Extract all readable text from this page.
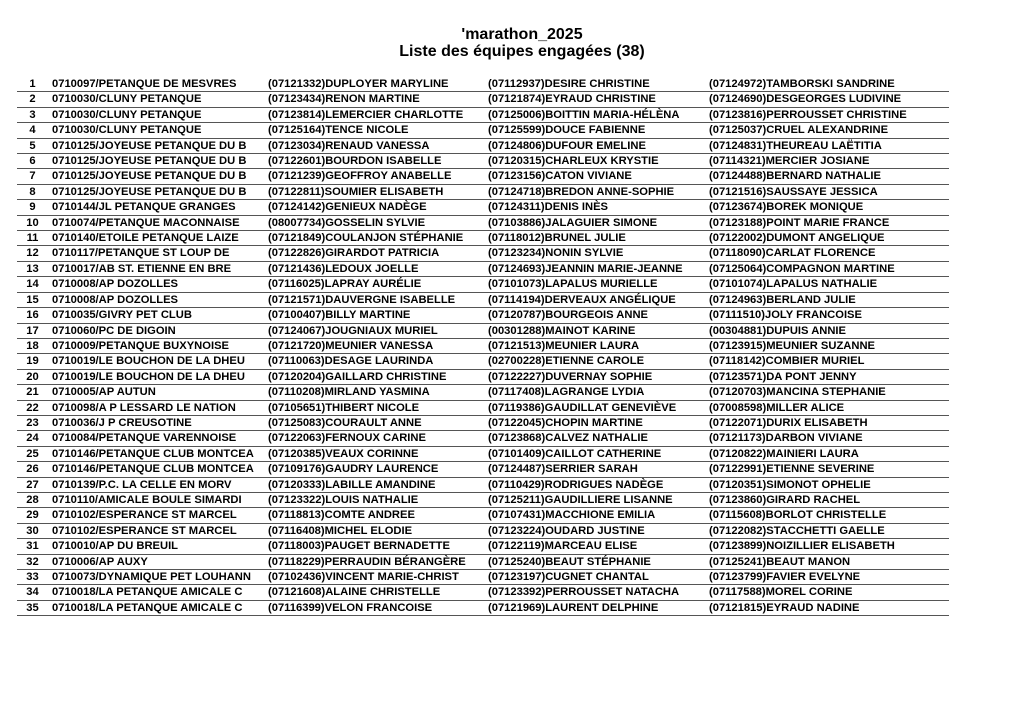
'marathon_2025
Liste des équipes engagées (38)
1	0710097/PETANQUE DE MESVRES	(07121332)DUPLOYER MARYLINE	(07112937)DESIRE CHRISTINE	(07124972)TAMBORSKI SANDRINE
2	0710030/CLUNY PETANQUE	(07123434)RENON MARTINE	(07121874)EYRAUD CHRISTINE	(07124690)DESGEORGES LUDIVINE
3	0710030/CLUNY PETANQUE	(07123814)LEMERCIER CHARLOTTE	(07125006)BOITTIN MARIA-HÉLÈNA	(07123816)PERROUSSET CHRISTINE
4	0710030/CLUNY PETANQUE	(07125164)TENCE NICOLE	(07125599)DOUCE FABIENNE	(07125037)CRUEL ALEXANDRINE
5	0710125/JOYEUSE PETANQUE DU B	(07123034)RENAUD VANESSA	(07124806)DUFOUR EMELINE	(07124831)THEUREAU LAËTITIA
6	0710125/JOYEUSE PETANQUE DU B	(07122601)BOURDON ISABELLE	(07120315)CHARLEUX KRYSTIE	(07114321)MERCIER JOSIANE
7	0710125/JOYEUSE PETANQUE DU B	(07121239)GEOFFROY ANABELLE	(07123156)CATON VIVIANE	(07124488)BERNARD NATHALIE
8	0710125/JOYEUSE PETANQUE DU B	(07122811)SOUMIER ELISABETH	(07124718)BREDON ANNE-SOPHIE	(07121516)SAUSSAYE JESSICA
9	0710144/JL PETANQUE GRANGES	(07124142)GENIEUX NADÈGE	(07124311)DENIS INÈS	(07123674)BOREK MONIQUE
10	0710074/PETANQUE MACONNAISE	(08007734)GOSSELIN SYLVIE	(07103886)JALAGUIER SIMONE	(07123188)POINT MARIE FRANCE
11	0710140/ETOILE PETANQUE LAIZE	(07121849)COULANJON STÉPHANIE	(07118012)BRUNEL JULIE	(07122002)DUMONT ANGELIQUE
12	0710117/PETANQUE ST LOUP DE	(07122826)GIRARDOT PATRICIA	(07123234)NONIN SYLVIE	(07118090)CARLAT FLORENCE
13	0710017/AB ST. ETIENNE EN BRE	(07121436)LEDOUX JOELLE	(07124693)JEANNIN MARIE-JEANNE	(07125064)COMPAGNON MARTINE
14	0710008/AP DOZOLLES	(07116025)LAPRAY AURÉLIE	(07101073)LAPALUS MURIELLE	(07101074)LAPALUS NATHALIE
15	0710008/AP DOZOLLES	(07121571)DAUVERGNE ISABELLE	(07114194)DERVEAUX ANGÉLIQUE	(07124963)BERLAND JULIE
16	0710035/GIVRY PET CLUB	(07100407)BILLY MARTINE	(07120787)BOURGEOIS ANNE	(07111510)JOLY FRANCOISE
17	0710060/PC DE DIGOIN	(07124067)JOUGNIAUX MURIEL	(00301288)MAINOT KARINE	(00304881)DUPUIS ANNIE
18	0710009/PETANQUE BUXYNOISE	(07121720)MEUNIER VANESSA	(07121513)MEUNIER LAURA	(07123915)MEUNIER SUZANNE
19	0710019/LE BOUCHON DE LA DHEU	(07110063)DESAGE LAURINDA	(02700228)ETIENNE CAROLE	(07118142)COMBIER MURIEL
20	0710019/LE BOUCHON DE LA DHEU	(07120204)GAILLARD CHRISTINE	(07122227)DUVERNAY SOPHIE	(07123571)DA PONT JENNY
21	0710005/AP AUTUN	(07110208)MIRLAND YASMINA	(07117408)LAGRANGE LYDIA	(07120703)MANCINA STEPHANIE
22	0710098/A P LESSARD LE NATION	(07105651)THIBERT NICOLE	(07119386)GAUDILLAT GENEVIÈVE	(07008598)MILLER ALICE
23	0710036/J P CREUSOTINE	(07125083)COURAULT ANNE	(07122045)CHOPIN MARTINE	(07122071)DURIX ELISABETH
24	0710084/PETANQUE VARENNOISE	(07122063)FERNOUX CARINE	(07123868)CALVEZ NATHALIE	(07121173)DARBON VIVIANE
25	0710146/PETANQUE CLUB MONTCEA	(07120385)VEAUX CORINNE	(07101409)CAILLOT CATHERINE	(07120822)MAINIERI LAURA
26	0710146/PETANQUE CLUB MONTCEA	(07109176)GAUDRY LAURENCE	(07124487)SERRIER SARAH	(07122991)ETIENNE SEVERINE
27	0710139/P.C. LA CELLE EN MORV	(07120333)LABILLE AMANDINE	(07110429)RODRIGUES NADÈGE	(07120351)SIMONOT OPHELIE
28	0710110/AMICALE BOULE SIMARDI	(07123322)LOUIS NATHALIE	(07125211)GAUDILLIERE LISANNE	(07123860)GIRARD RACHEL
29	0710102/ESPERANCE ST MARCEL	(07118813)COMTE ANDREE	(07107431)MACCHIONE EMILIA	(07115608)BORLOT CHRISTELLE
30	0710102/ESPERANCE ST MARCEL	(07116408)MICHEL ELODIE	(07123224)OUDARD JUSTINE	(07122082)STACCHETTI GAELLE
31	0710010/AP DU BREUIL	(07118003)PAUGET BERNADETTE	(07122119)MARCEAU ELISE	(07123899)NOIZILLIER ELISABETH
32	0710006/AP AUXY	(07118229)PERRAUDIN BÉRANGÈRE	(07125240)BEAUT STÉPHANIE	(07125241)BEAUT MANON
33	0710073/DYNAMIQUE PET LOUHANN	(07102436)VINCENT MARIE-CHRIST	(07123197)CUGNET CHANTAL	(07123799)FAVIER EVELYNE
34	0710018/LA PETANQUE AMICALE C	(07121608)ALAINE CHRISTELLE	(07123392)PERROUSSET NATACHA	(07117588)MOREL CORINE
35	0710018/LA PETANQUE AMICALE C	(07116399)VELON FRANCOISE	(07121969)LAURENT DELPHINE	(07121815)EYRAUD NADINE
